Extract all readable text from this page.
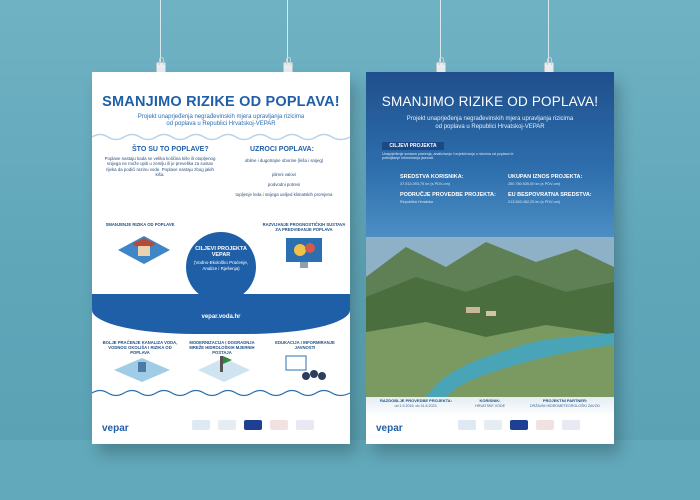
SMANJIMO RIZIKE OD POPLAVA!
Projekt unaprjeđenja negrađevinskih mjera upravljanja rizicima
od poplava u Republici Hrvatskoj-VEPAR
ŠTO SU TO POPLAVE?
Poplave nastaju kada se velika količina kiše ili otopljenog snijega ne može upiti u zemlju ili je prevelika za sustav rijeka da podići razinu vode. Poplave nastaju zbog jakih kiša.
UZROCI POPLAVA:
obilne i dugotrajne oborine (kiša i snijeg)
plimni valovi
podvodni potresi
topljenje leda i snijega uslijed klimatskih promjena
SMANJENJE RIZIKA OD POPLAVE
CILJEVI PROJEKTA VEPAR
(Vodno-Ekološko Praćenje, Analize i Rješenja)
RAZVIJANJE PROGNOSTIČKIH SUSTAVA ZA PREDVIĐANJE POPLAVA
vepar.voda.hr
BOLJE PRAĆENJE KANALIZA VODA, VODNOG OKOLIŠA I RIZIKA OD POPLAVA
MODERNIZACIJA I DOGRADNJA MREŽE HIDROLOŠKIH MJERNIH POSTAJA
EDUKACIJA I INFORMIRANJE JAVNOSTI
vepar
SMANJIMO RIZIKE OD POPLAVA!
Projekt unaprjeđenja negrađevinskih mjera upravljanja rizicima
od poplava u Republici Hrvatskoj-VEPAR
CILJEVI PROJEKTA
Unaprjeđenje sustava praćenja, analiziranja i izvješćivanja o rizicima od poplava te poboljšanje informiranja javnosti.
SREDSTVA KORISNIKA:
37.513.393,75 kn (s PDV-om)
UKUPAN IZNOS PROJEKTA:
250.780.926,00 kn (s PDV-om)
PODRUČJE PROVEDBE PROJEKTA:
Republika Hrvatska
EU BESPOVRATNA SREDSTVA:
213.563.462,25 kn (s PDV-om)
RAZDOBLJE PROVEDBE PROJEKTA:
od 1.9.2016. do 31.8.2023.
KORISNIK:
HRVATSKE VODE
PROJEKTNI PARTNER:
DRŽAVNI HIDROMETEOROLOŠKI ZAVOD
vepar
